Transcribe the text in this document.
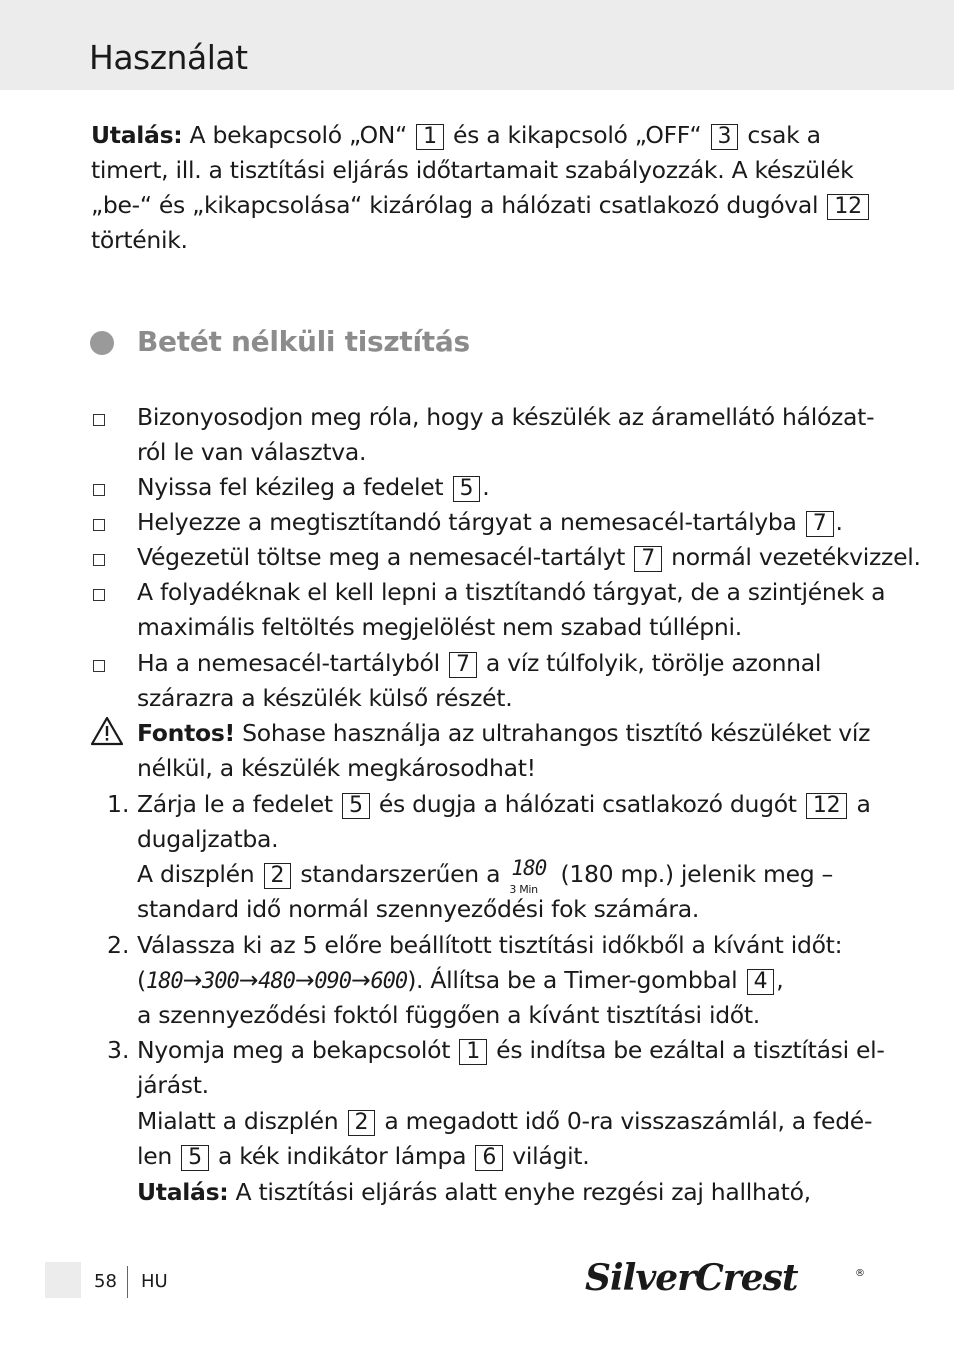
Használat
Utalás: A bekapcsoló „ON“ 1 és a kikapcsoló „OFF“ 3 csak a
timert, ill. a tisztítási eljárás időtartamait szabályozzák. A készülék
„be-“ és „kikapcsolása“ kizárólag a hálózati csatlakozó dugóval 12
történik.
Betét nélküli tisztítás
Bizonyosodjon meg róla, hogy a készülék az áramellátó hálózat-
ról le van választva.
Nyissa fel kézileg a fedelet 5 .
Helyezze a megtisztítandó tárgyat a nemesacél-tartályba 7 .
Végezetül töltse meg a nemesacél-tartályt 7 normál vezetékvizzel.
A folyadéknak el kell lepni a tisztítandó tárgyat, de a szintjének a
maximális feltöltés megjelölést nem szabad túllépni.
Ha a nemesacél-tartályból 7 a víz túlfolyik, törölje azonnal
szárazra a készülék külső részét.
Fontos! Sohase használja az ultrahangos tisztító készüléket víz
nélkül, a készülék megkárosodhat!
1. Zárja le a fedelet 5 és dugja a hálózati csatlakozó dugót 12 a
dugaljzatba.
A diszplén 2 standarszerűen a 180
3 Min
(180 mp.) jelenik meg –
standard idő normál szennyeződési fok számára.
2. Válassza ki az 5 előre beállított tisztítási időkből a kívánt időt:
(180→300→480→090→600). Állítsa be a Timer-gombbal 4 ,
a szennyeződési foktól függően a kívánt tisztítási időt.
3. Nyomja meg a bekapcsolót 1 és indítsa be ezáltal a tisztítási el-
járást.
Mialatt a diszplén 2 a megadott idő 0-ra visszaszámlál, a fedé-
len 5 a kék indikátor lámpa 6 világit.
Utalás: A tisztítási eljárás alatt enyhe rezgési zaj hallható,
58 HU	SilverCrest	®
